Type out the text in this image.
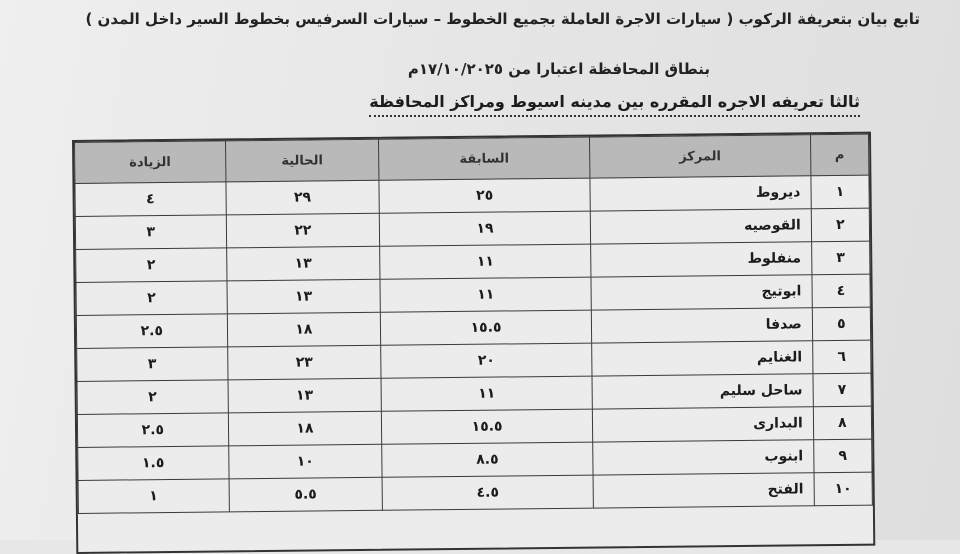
تابع بيان بتعريفة الركوب ( سيارات الاجرة العاملة بجميع الخطوط – سيارات السرفيس بخطوط السير داخل المدن )
بنطاق المحافظة اعتبارا من ١٧/١٠/٢٠٢٥م
ثالثا تعريفه الاجره المقرره بين مدينه اسيوط ومراكز المحافظة
م	المركز	السابقة	الحالية	الزيادة
١	ديروط	٢٥	٢٩	٤
٢	القوصيه	١٩	٢٢	٣
٣	منفلوط	١١	١٣	٢
٤	ابوتيج	١١	١٣	٢
٥	صدفا	١٥.٥	١٨	٢.٥
٦	الغنايم	٢٠	٢٣	٣
٧	ساحل سليم	١١	١٣	٢
٨	البدارى	١٥.٥	١٨	٢.٥
٩	ابنوب	٨.٥	١٠	١.٥
١٠	الفتح	٤.٥	٥.٥	١
